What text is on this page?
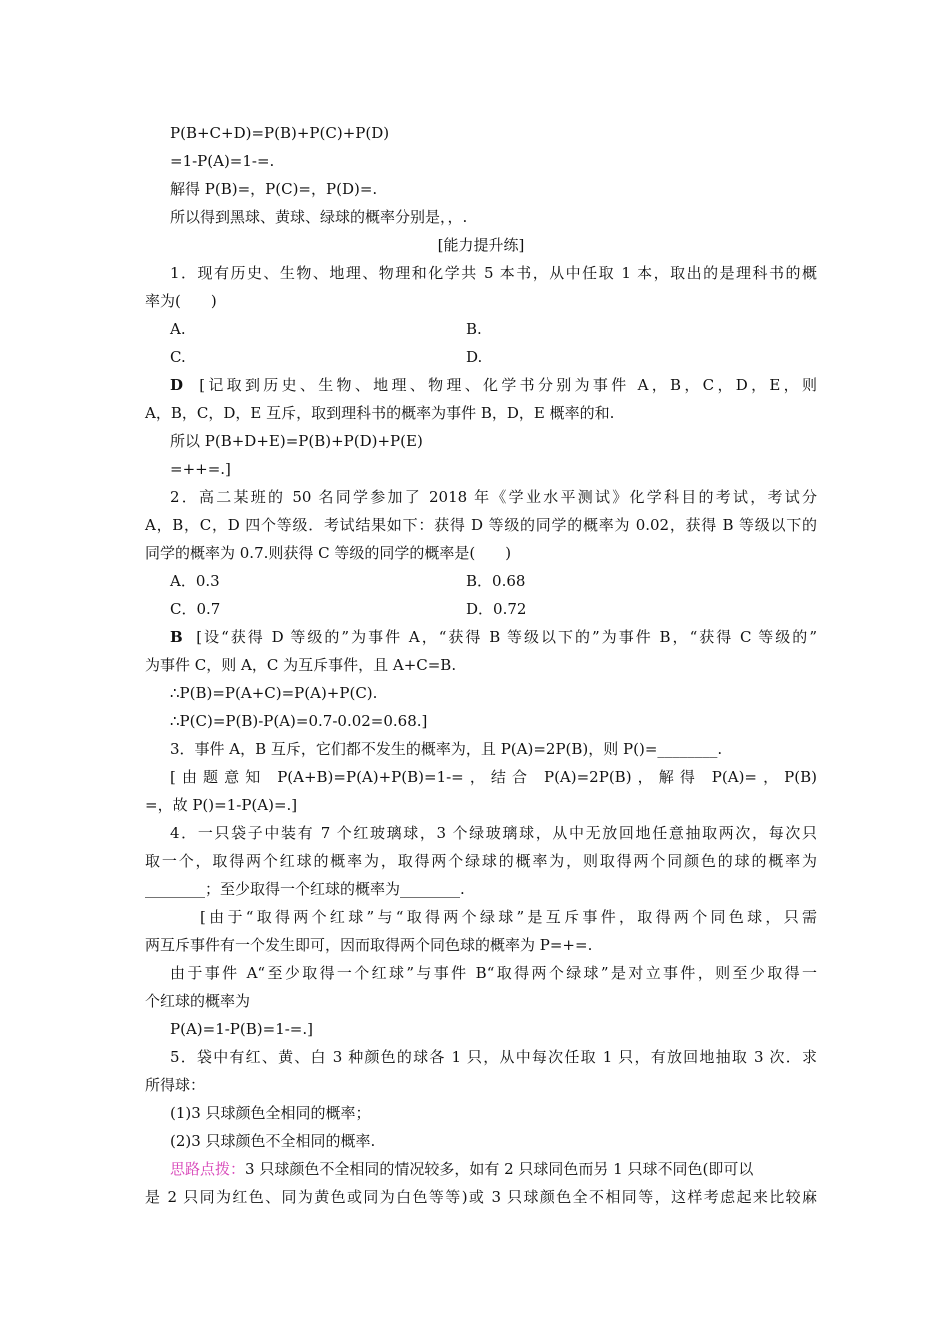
P(B+C+D)=P(B)+P(C)+P(D)
=1-P(A)=1-=.
解得 P(B)=，P(C)=，P(D)=.
所以得到黑球、黄球、绿球的概率分别是，，.
[能力提升练]
1．现有历史、生物、地理、物理和化学共 5 本书，从中任取 1 本，取出的是理科书的概
率为(　　)
A.	B.
C.	D.
D [记取到历史、生物、地理、物理、化学书分别为事件 A，B，C，D，E，则
A，B，C，D，E 互斥，取到理科书的概率为事件 B，D，E 概率的和.
所以 P(B+D+E)=P(B)+P(D)+P(E)
=++=.]
2．高二某班的 50 名同学参加了 2018 年《学业水平测试》化学科目的考试，考试分
A，B，C，D 四个等级．考试结果如下：获得 D 等级的同学的概率为 0.02，获得 B 等级以下的
同学的概率为 0.7.则获得 C 等级的同学的概率是(　　)
A．0.3	B．0.68
C．0.7	D．0.72
B [设“获得 D 等级的”为事件 A，“获得 B 等级以下的”为事件 B，“获得 C 等级的”
为事件 C，则 A，C 为互斥事件，且 A+C=B.
∴P(B)=P(A+C)=P(A)+P(C).
∴P(C)=P(B)-P(A)=0.7-0.02=0.68.]
3．事件 A，B 互斥，它们都不发生的概率为，且 P(A)=2P(B)，则 P()=________.
[由题意知 P(A+B)=P(A)+P(B)=1-=，结合 P(A)=2P(B)，解得 P(A)=，P(B)
=，故 P()=1-P(A)=.]
4．一只袋子中装有 7 个红玻璃球，3 个绿玻璃球，从中无放回地任意抽取两次，每次只
取一个，取得两个红球的概率为，取得两个绿球的概率为，则取得两个同颜色的球的概率为
________；至少取得一个红球的概率为________.
[由于“取得两个红球”与“取得两个绿球”是互斥事件，取得两个同色球，只需
两互斥事件有一个发生即可，因而取得两个同色球的概率为 P=+=.
由于事件 A“至少取得一个红球”与事件 B“取得两个绿球”是对立事件，则至少取得一
个红球的概率为
P(A)=1-P(B)=1-=.]
5．袋中有红、黄、白 3 种颜色的球各 1 只，从中每次任取 1 只，有放回地抽取 3 次．求
所得球：
(1)3 只球颜色全相同的概率；
(2)3 只球颜色不全相同的概率.
思路点拨：3 只球颜色不全相同的情况较多，如有 2 只球同色而另 1 只球不同色(即可以
是 2 只同为红色、同为黄色或同为白色等等)或 3 只球颜色全不相同等，这样考虑起来比较麻
